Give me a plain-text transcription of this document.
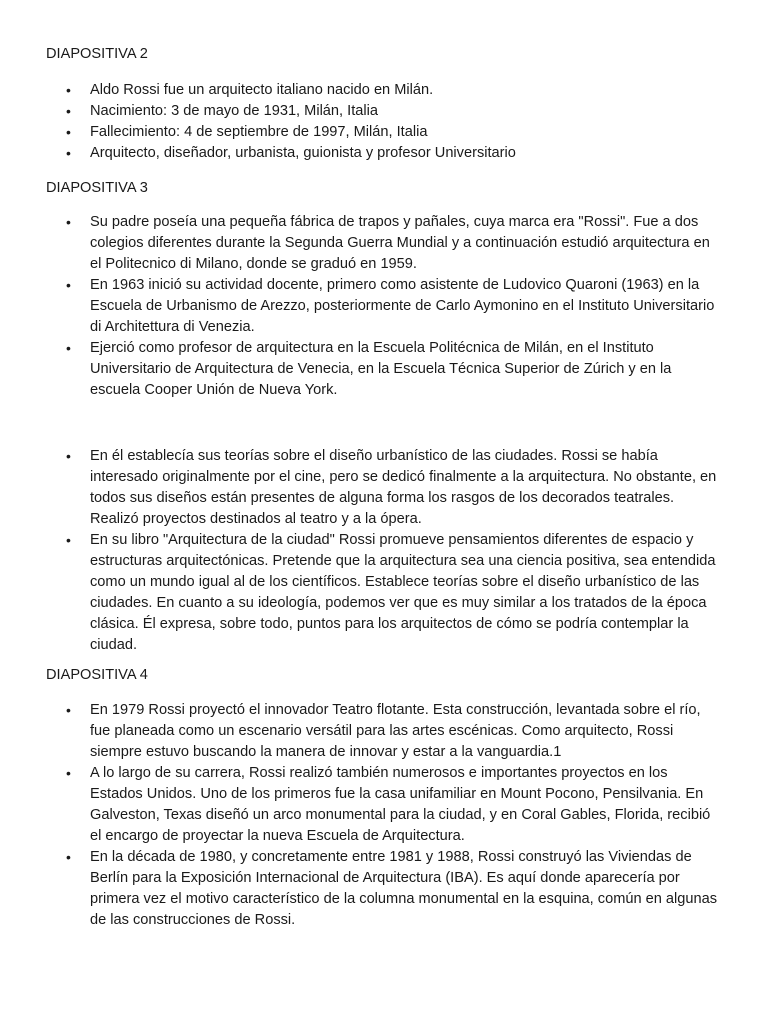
DIAPOSITIVA 2
• Aldo Rossi fue un arquitecto italiano nacido en Milán.
• Nacimiento: 3 de mayo de 1931, Milán, Italia
• Fallecimiento: 4 de septiembre de 1997, Milán, Italia
• Arquitecto, diseñador, urbanista, guionista y profesor Universitario
DIAPOSITIVA 3
• Su padre poseía una pequeña fábrica de trapos y pañales, cuya marca era "Rossi". Fue a dos colegios diferentes durante la Segunda Guerra Mundial y a continuación estudió arquitectura en el Politecnico di Milano, donde se graduó en 1959.
• En 1963 inició su actividad docente, primero como asistente de Ludovico Quaroni (1963) en la Escuela de Urbanismo de Arezzo, posteriormente de Carlo Aymonino en el Instituto Universitario di Architettura di Venezia.
• Ejerció como profesor de arquitectura en la Escuela Politécnica de Milán, en el Instituto Universitario de Arquitectura de Venecia, en la Escuela Técnica Superior de Zúrich y en la escuela Cooper Unión de Nueva York.
• En él establecía sus teorías sobre el diseño urbanístico de las ciudades. Rossi se había interesado originalmente por el cine, pero se dedicó finalmente a la arquitectura. No obstante, en todos sus diseños están presentes de alguna forma los rasgos de los decorados teatrales. Realizó proyectos destinados al teatro y a la ópera.
• En su libro "Arquitectura de la ciudad" Rossi promueve pensamientos diferentes de espacio y estructuras arquitectónicas. Pretende que la arquitectura sea una ciencia positiva, sea entendida como un mundo igual al de los científicos. Establece teorías sobre el diseño urbanístico de las ciudades. En cuanto a su ideología, podemos ver que es muy similar a los tratados de la época clásica. Él expresa, sobre todo, puntos para los arquitectos de cómo se podría contemplar la ciudad.
DIAPOSITIVA 4
• En 1979 Rossi proyectó el innovador Teatro flotante. Esta construcción, levantada sobre el río, fue planeada como un escenario versátil para las artes escénicas. Como arquitecto, Rossi siempre estuvo buscando la manera de innovar y estar a la vanguardia.1
• A lo largo de su carrera, Rossi realizó también numerosos e importantes proyectos en los Estados Unidos. Uno de los primeros fue la casa unifamiliar en Mount Pocono, Pensilvania. En Galveston, Texas diseñó un arco monumental para la ciudad, y en Coral Gables, Florida, recibió el encargo de proyectar la nueva Escuela de Arquitectura.
• En la década de 1980, y concretamente entre 1981 y 1988, Rossi construyó las Viviendas de Berlín para la Exposición Internacional de Arquitectura (IBA). Es aquí donde aparecería por primera vez el motivo característico de la columna monumental en la esquina, común en algunas de las construcciones de Rossi.
